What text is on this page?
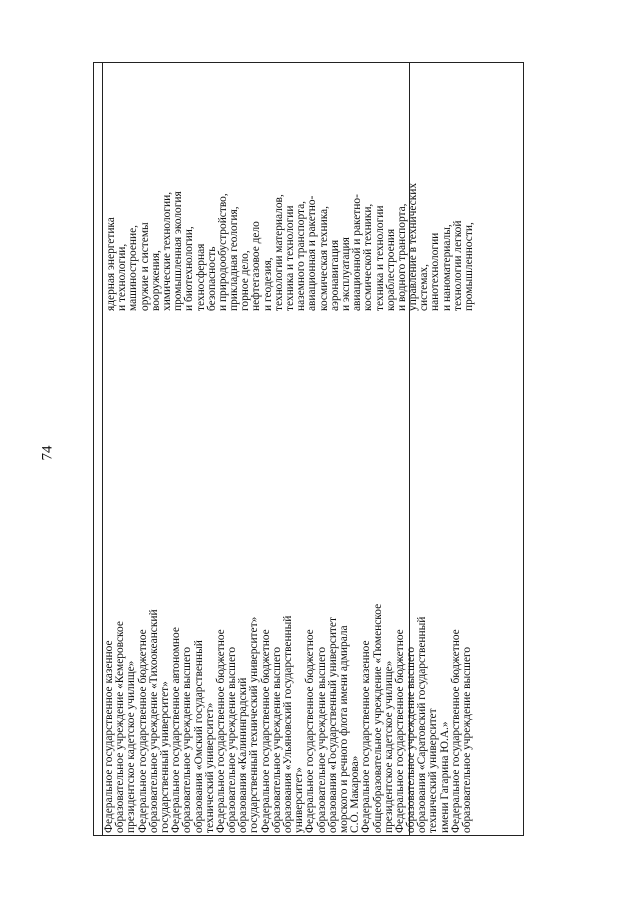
74
Федеральное государственное казенное образовательное учреждение «Кемеровское президентское кадетское училище» Федеральное государственное бюджетное образовательное учреждение «Тихоокеанский государственный университет» Федеральное государственное автономное образовательное учреждение высшего образования «Омский государственный технический университет» Федеральное государственное бюджетное образовательное учреждение высшего образования «Калининградский государственный технический университет» Федеральное государственное бюджетное образовательное учреждение высшего образования «Ульяновский государственный университет» Федеральное государственное бюджетное образовательное учреждение высшего образования «Государственный университет морского и речного флота имени адмирала С.О. Макарова» Федеральное государственное казенное общеобразовательное учреждение «Тюменское президентское кадетское училище» Федеральное государственное бюджетное образовательное учреждение высшего образования «Саратовский государственный технический университет имени Гагарина Ю.А.» Федеральное государственное бюджетное образовательное учреждение высшего
ядерная энергетика и технологии, машиностроение, оружие и системы вооружения, химические технологии, промышленная экология и биотехнологии, техносферная безопасность и природообустройство, прикладная геология, горное дело, нефтегазовое дело и геодезия, технологии материалов, техника и технологии наземного транспорта, авиационная и ракетно- космическая техника, аэронавигация и эксплуатация авиационной и ракетно- космической техники, техника и технологии кораблестроения и водного транспорта, управление в технических системах, нанотехнологии и наноматериалы, технологии легкой промышленности,
